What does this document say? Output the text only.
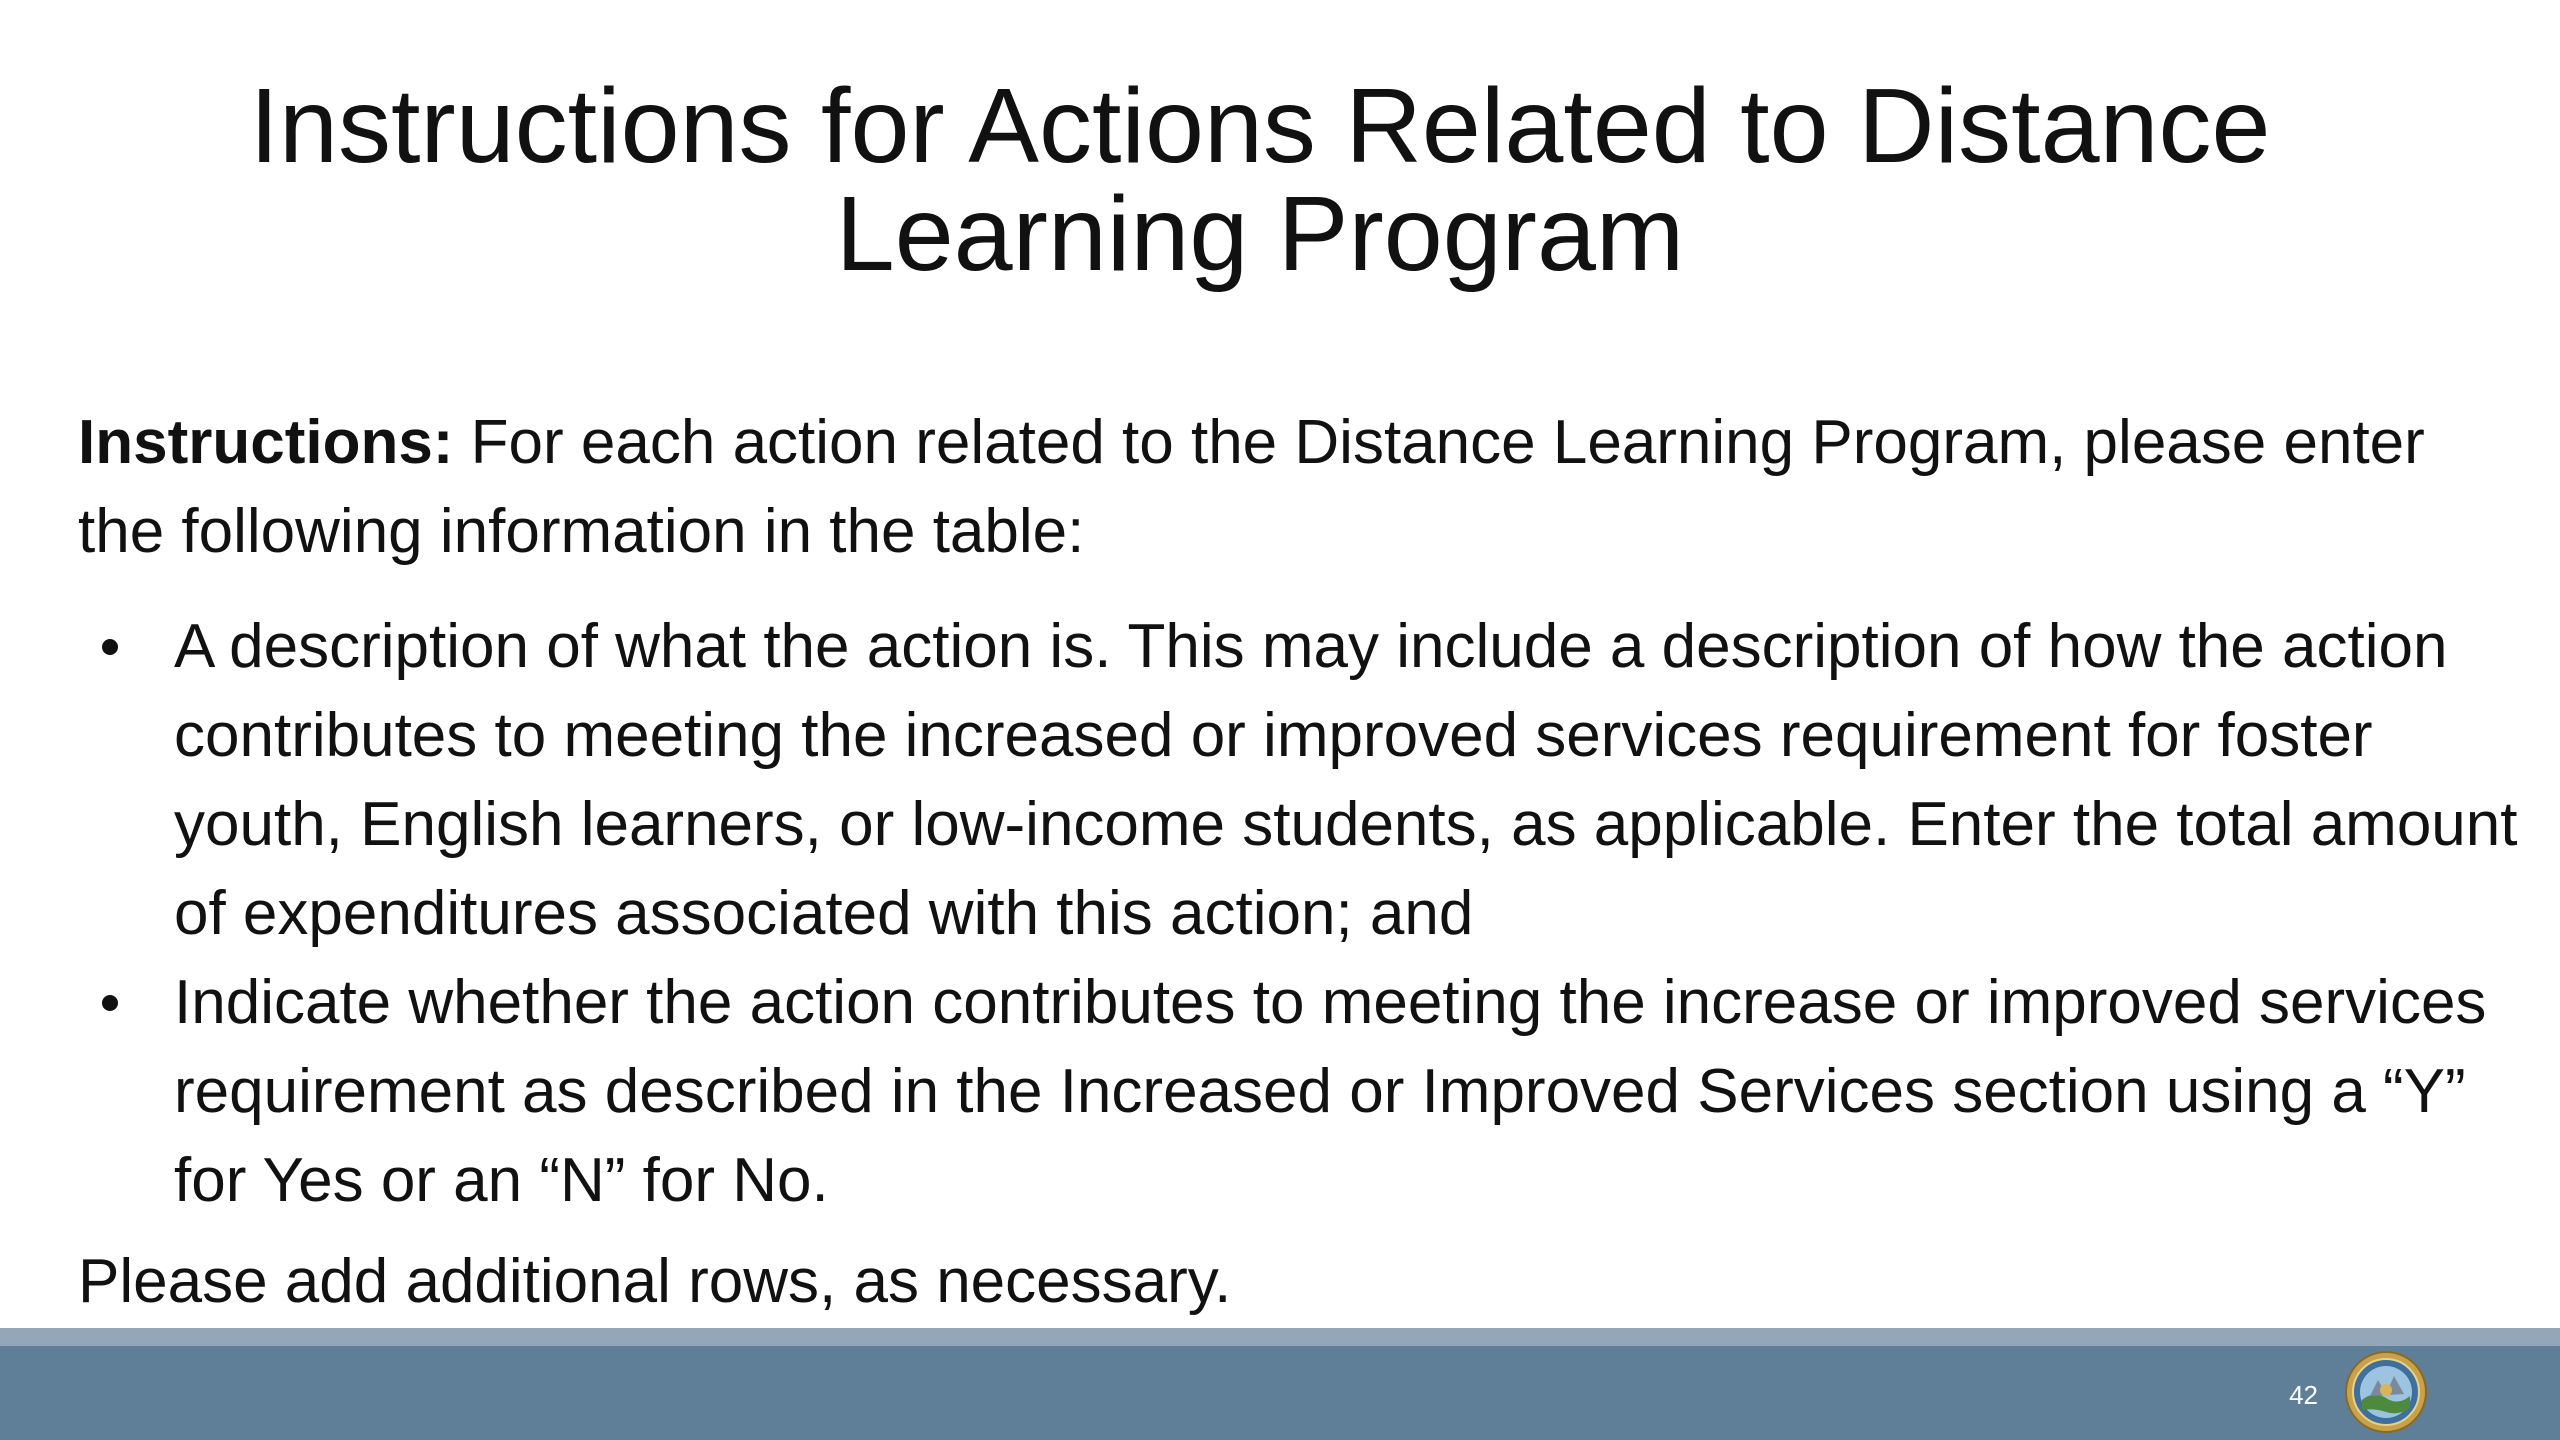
Instructions for Actions Related to Distance
Learning Program

Instructions: For each action related to the Distance Learning Program, please enter the following information in the table:

A description of what the action is. This may include a description of how the action contributes to meeting the increased or improved services requirement for foster youth, English learners, or low-income students, as applicable. Enter the total amount of expenditures associated with this action; and
Indicate whether the action contributes to meeting the increase or improved services requirement as described in the Increased or Improved Services section using a “Y” for Yes or an “N” for No.

Please add additional rows, as necessary.

42
